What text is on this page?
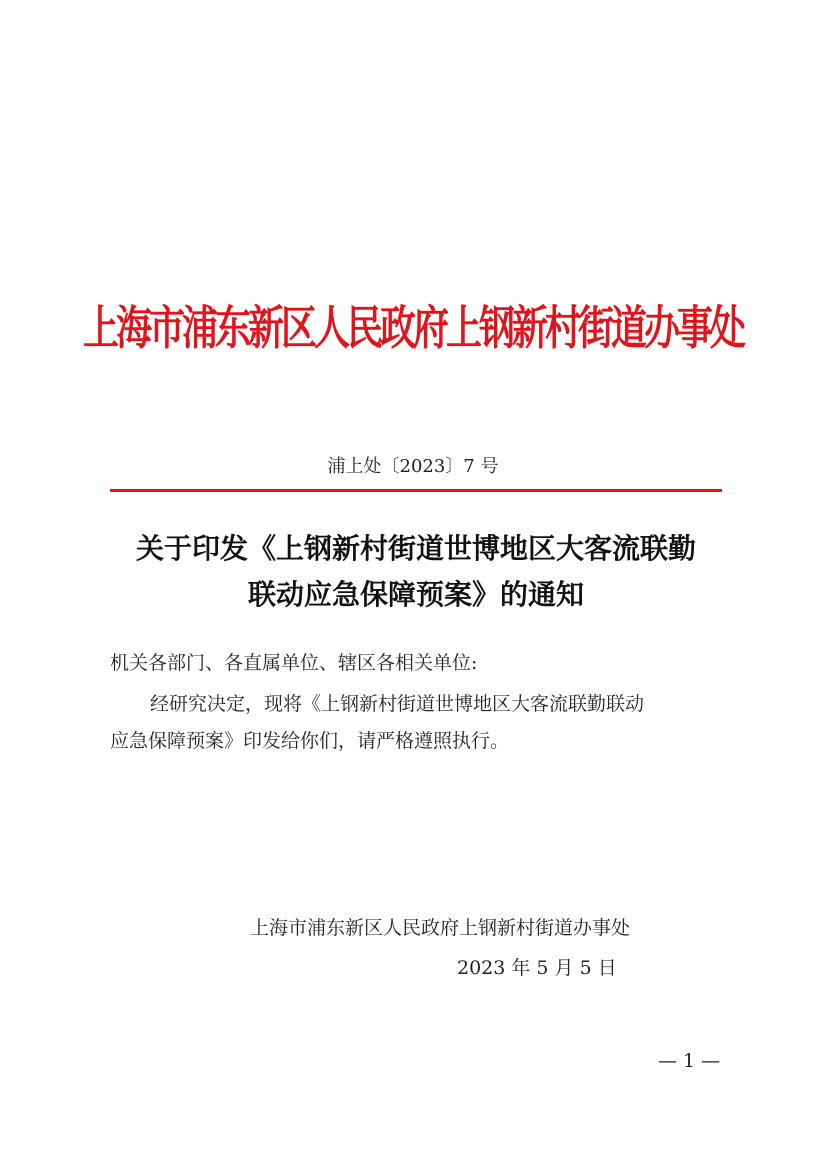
上海市浦东新区人民政府上钢新村街道办事处
浦上处〔2023〕7 号
关于印发《上钢新村街道世博地区大客流联勤
联动应急保障预案》的通知
机关各部门、各直属单位、辖区各相关单位:
经研究决定，现将《上钢新村街道世博地区大客流联勤联动
应急保障预案》印发给你们，请严格遵照执行。
上海市浦东新区人民政府上钢新村街道办事处
2023 年 5 月 5 日
— 1 —
